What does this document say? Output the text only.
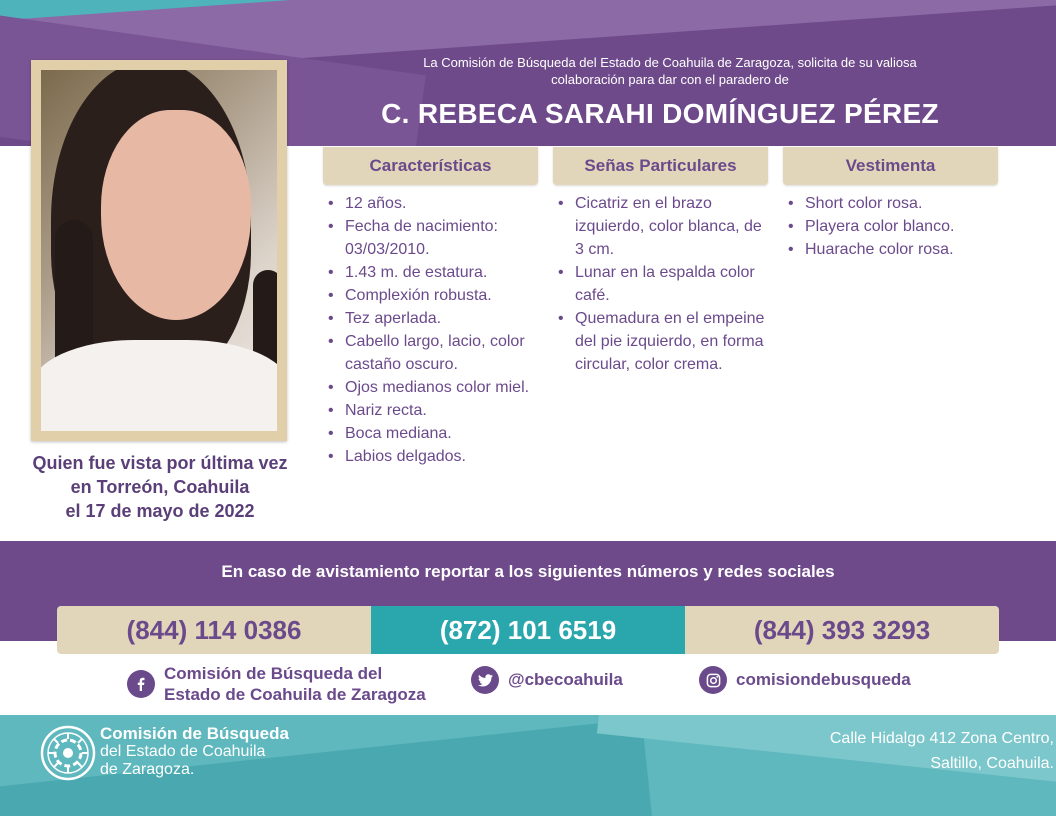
La Comisión de Búsqueda del Estado de Coahuila de Zaragoza, solicita de su valiosa
colaboración para dar con el paradero de
C. REBECA SARAHI DOMÍNGUEZ PÉREZ
Quien fue vista por última vez
en Torreón, Coahuila
el 17 de mayo de 2022
Características
• 12 años.
• Fecha de nacimiento: 03/03/2010.
• 1.43 m. de estatura.
• Complexión robusta.
• Tez aperlada.
• Cabello largo, lacio, color castaño oscuro.
• Ojos medianos color miel.
• Nariz recta.
• Boca mediana.
• Labios delgados.
Señas Particulares
• Cicatriz en el brazo izquierdo, color blanca, de 3 cm.
• Lunar en la espalda color café.
• Quemadura en el empeine del pie izquierdo, en forma circular, color crema.
Vestimenta
• Short color rosa.
• Playera color blanco.
• Huarache color rosa.
En caso de avistamiento reportar a los siguientes números y redes sociales
(844) 114 0386	(872) 101 6519	(844) 393 3293
Comisión de Búsqueda del
Estado de Coahuila de Zaragoza
@cbecoahuila	comisiondebusqueda
Comisión de Búsqueda
del Estado de Coahuila
de Zaragoza.
Calle Hidalgo 412 Zona Centro,
Saltillo, Coahuila.
